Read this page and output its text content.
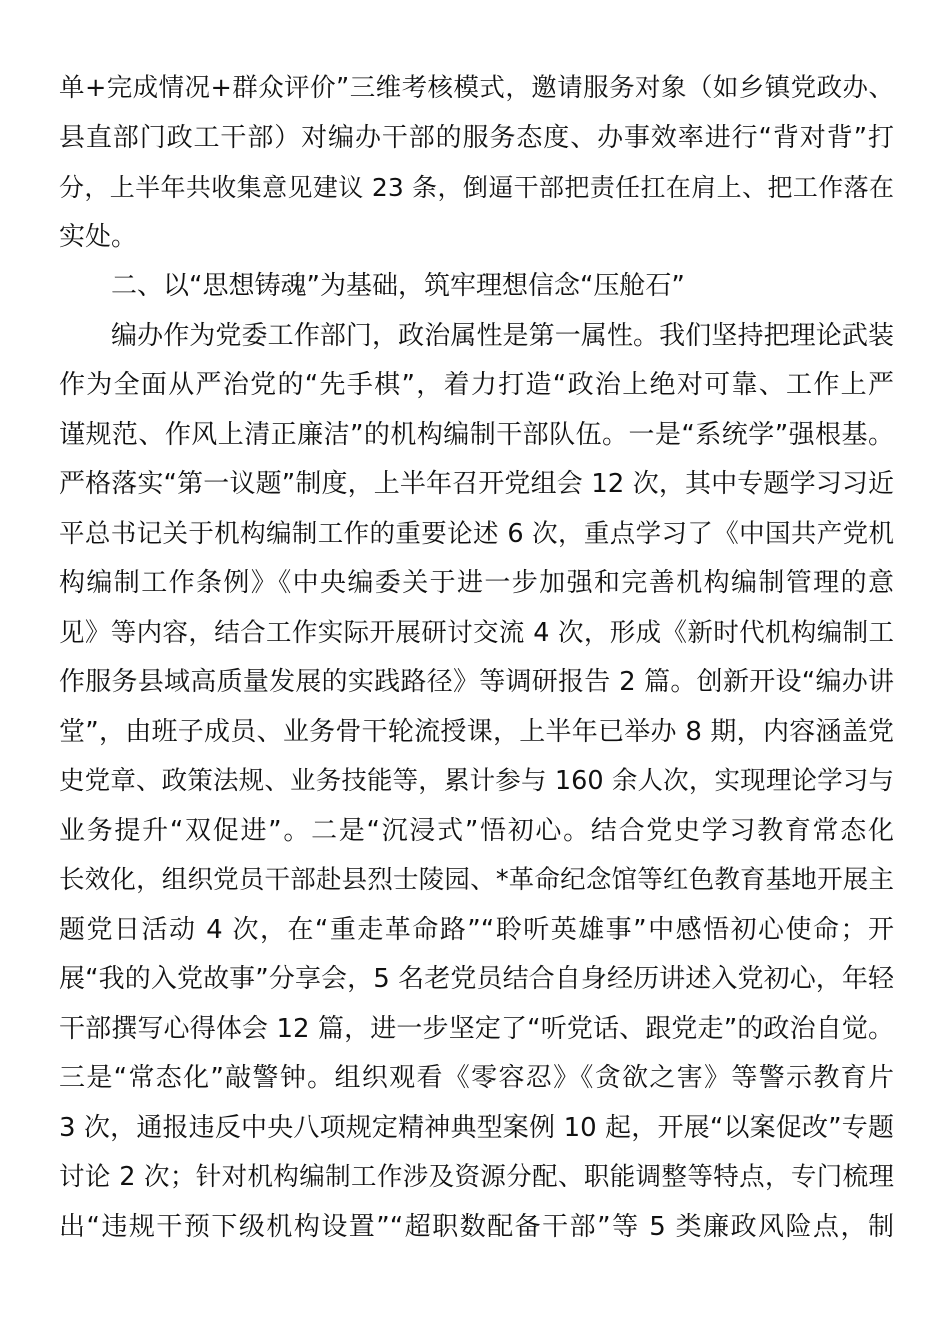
单+完成情况+群众评价”三维考核模式，邀请服务对象（如乡镇党政办、
县直部门政工干部）对编办干部的服务态度、办事效率进行“背对背”打
分，上半年共收集意见建议 23 条，倒逼干部把责任扛在肩上、把工作落在
实处。
二、以“思想铸魂”为基础，筑牢理想信念“压舱石”
编办作为党委工作部门，政治属性是第一属性。我们坚持把理论武装
作为全面从严治党的“先手棋”，着力打造“政治上绝对可靠、工作上严
谨规范、作风上清正廉洁”的机构编制干部队伍。一是“系统学”强根基。
严格落实“第一议题”制度，上半年召开党组会 12 次，其中专题学习习近
平总书记关于机构编制工作的重要论述 6 次，重点学习了《中国共产党机
构编制工作条例》《中央编委关于进一步加强和完善机构编制管理的意
见》等内容，结合工作实际开展研讨交流 4 次，形成《新时代机构编制工
作服务县域高质量发展的实践路径》等调研报告 2 篇。创新开设“编办讲
堂”，由班子成员、业务骨干轮流授课，上半年已举办 8 期，内容涵盖党
史党章、政策法规、业务技能等，累计参与 160 余人次，实现理论学习与
业务提升“双促进”。二是“沉浸式”悟初心。结合党史学习教育常态化
长效化，组织党员干部赴县烈士陵园、*革命纪念馆等红色教育基地开展主
题党日活动 4 次，在“重走革命路”“聆听英雄事”中感悟初心使命；开
展“我的入党故事”分享会，5 名老党员结合自身经历讲述入党初心，年轻
干部撰写心得体会 12 篇，进一步坚定了“听党话、跟党走”的政治自觉。
三是“常态化”敲警钟。组织观看《零容忍》《贪欲之害》等警示教育片
3 次，通报违反中央八项规定精神典型案例 10 起，开展“以案促改”专题
讨论 2 次；针对机构编制工作涉及资源分配、职能调整等特点，专门梳理
出“违规干预下级机构设置”“超职数配备干部”等 5 类廉政风险点，制
